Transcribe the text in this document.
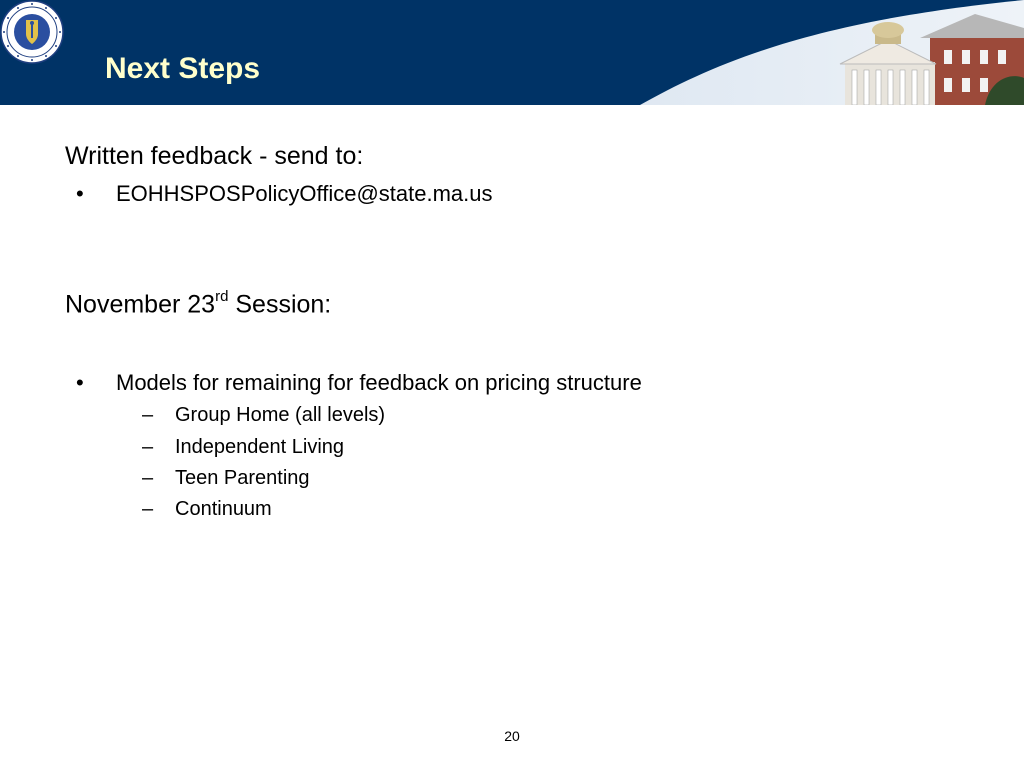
Next Steps

Written feedback - send to:

• EOHHSPOSPolicyOffice@state.ma.us

November 23rd Session:

• Models for remaining for feedback on pricing structure
– Group Home (all levels)
– Independent Living
– Teen Parenting
– Continuum
20
